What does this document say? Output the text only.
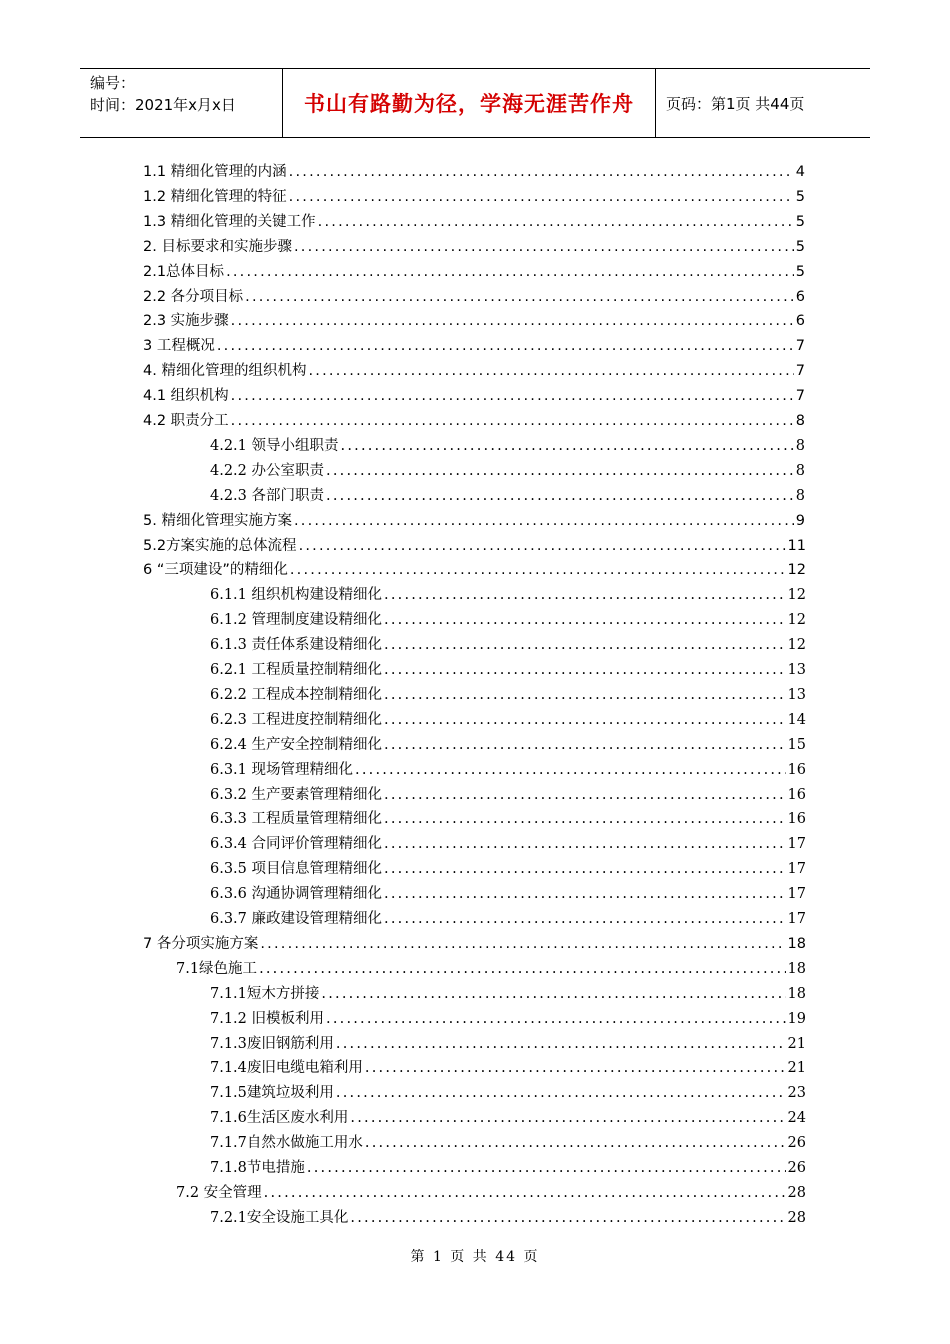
编号：
时间：2021年x月x日	书山有路勤为径，学海无涯苦作舟	页码：第1页 共44页
1.1 精细化管理的内涵 .....	4
1.2 精细化管理的特征 .....	5
1.3 精细化管理的关键工作 .....	5
2. 目标要求和实施步骤 .....	5
2.1总体目标 .....	5
2.2 各分项目标 .....	6
2.3 实施步骤 .....	6
3 工程概况 .....	7
4. 精细化管理的组织机构 .....	7
4.1 组织机构 .....	7
4.2 职责分工 .....	8
4.2.1 领导小组职责 .....	8
4.2.2 办公室职责 .....	8
4.2.3 各部门职责 .....	8
5. 精细化管理实施方案 .....	9
5.2方案实施的总体流程 .....	11
6 “三项建设”的精细化 .....	12
6.1.1 组织机构建设精细化 .....	12
6.1.2 管理制度建设精细化 .....	12
6.1.3 责任体系建设精细化 .....	12
6.2.1 工程质量控制精细化 .....	13
6.2.2 工程成本控制精细化 .....	13
6.2.3 工程进度控制精细化 .....	14
6.2.4 生产安全控制精细化 .....	15
6.3.1 现场管理精细化 .....	16
6.3.2 生产要素管理精细化 .....	16
6.3.3 工程质量管理精细化 .....	16
6.3.4 合同评价管理精细化 .....	17
6.3.5 项目信息管理精细化 .....	17
6.3.6 沟通协调管理精细化 .....	17
6.3.7 廉政建设管理精细化 .....	17
7 各分项实施方案 .....	18
7.1绿色施工 .....	18
7.1.1短木方拼接 .....	18
7.1.2 旧模板利用 .....	19
7.1.3废旧钢筋利用 .....	21
7.1.4废旧电缆电箱利用 .....	21
7.1.5建筑垃圾利用 .....	23
7.1.6生活区废水利用 .....	24
7.1.7自然水做施工用水 .....	26
7.1.8节电措施 .....	26
7.2 安全管理 .....	28
7.2.1安全设施工具化 .....	28
第 1 页 共 44 页
